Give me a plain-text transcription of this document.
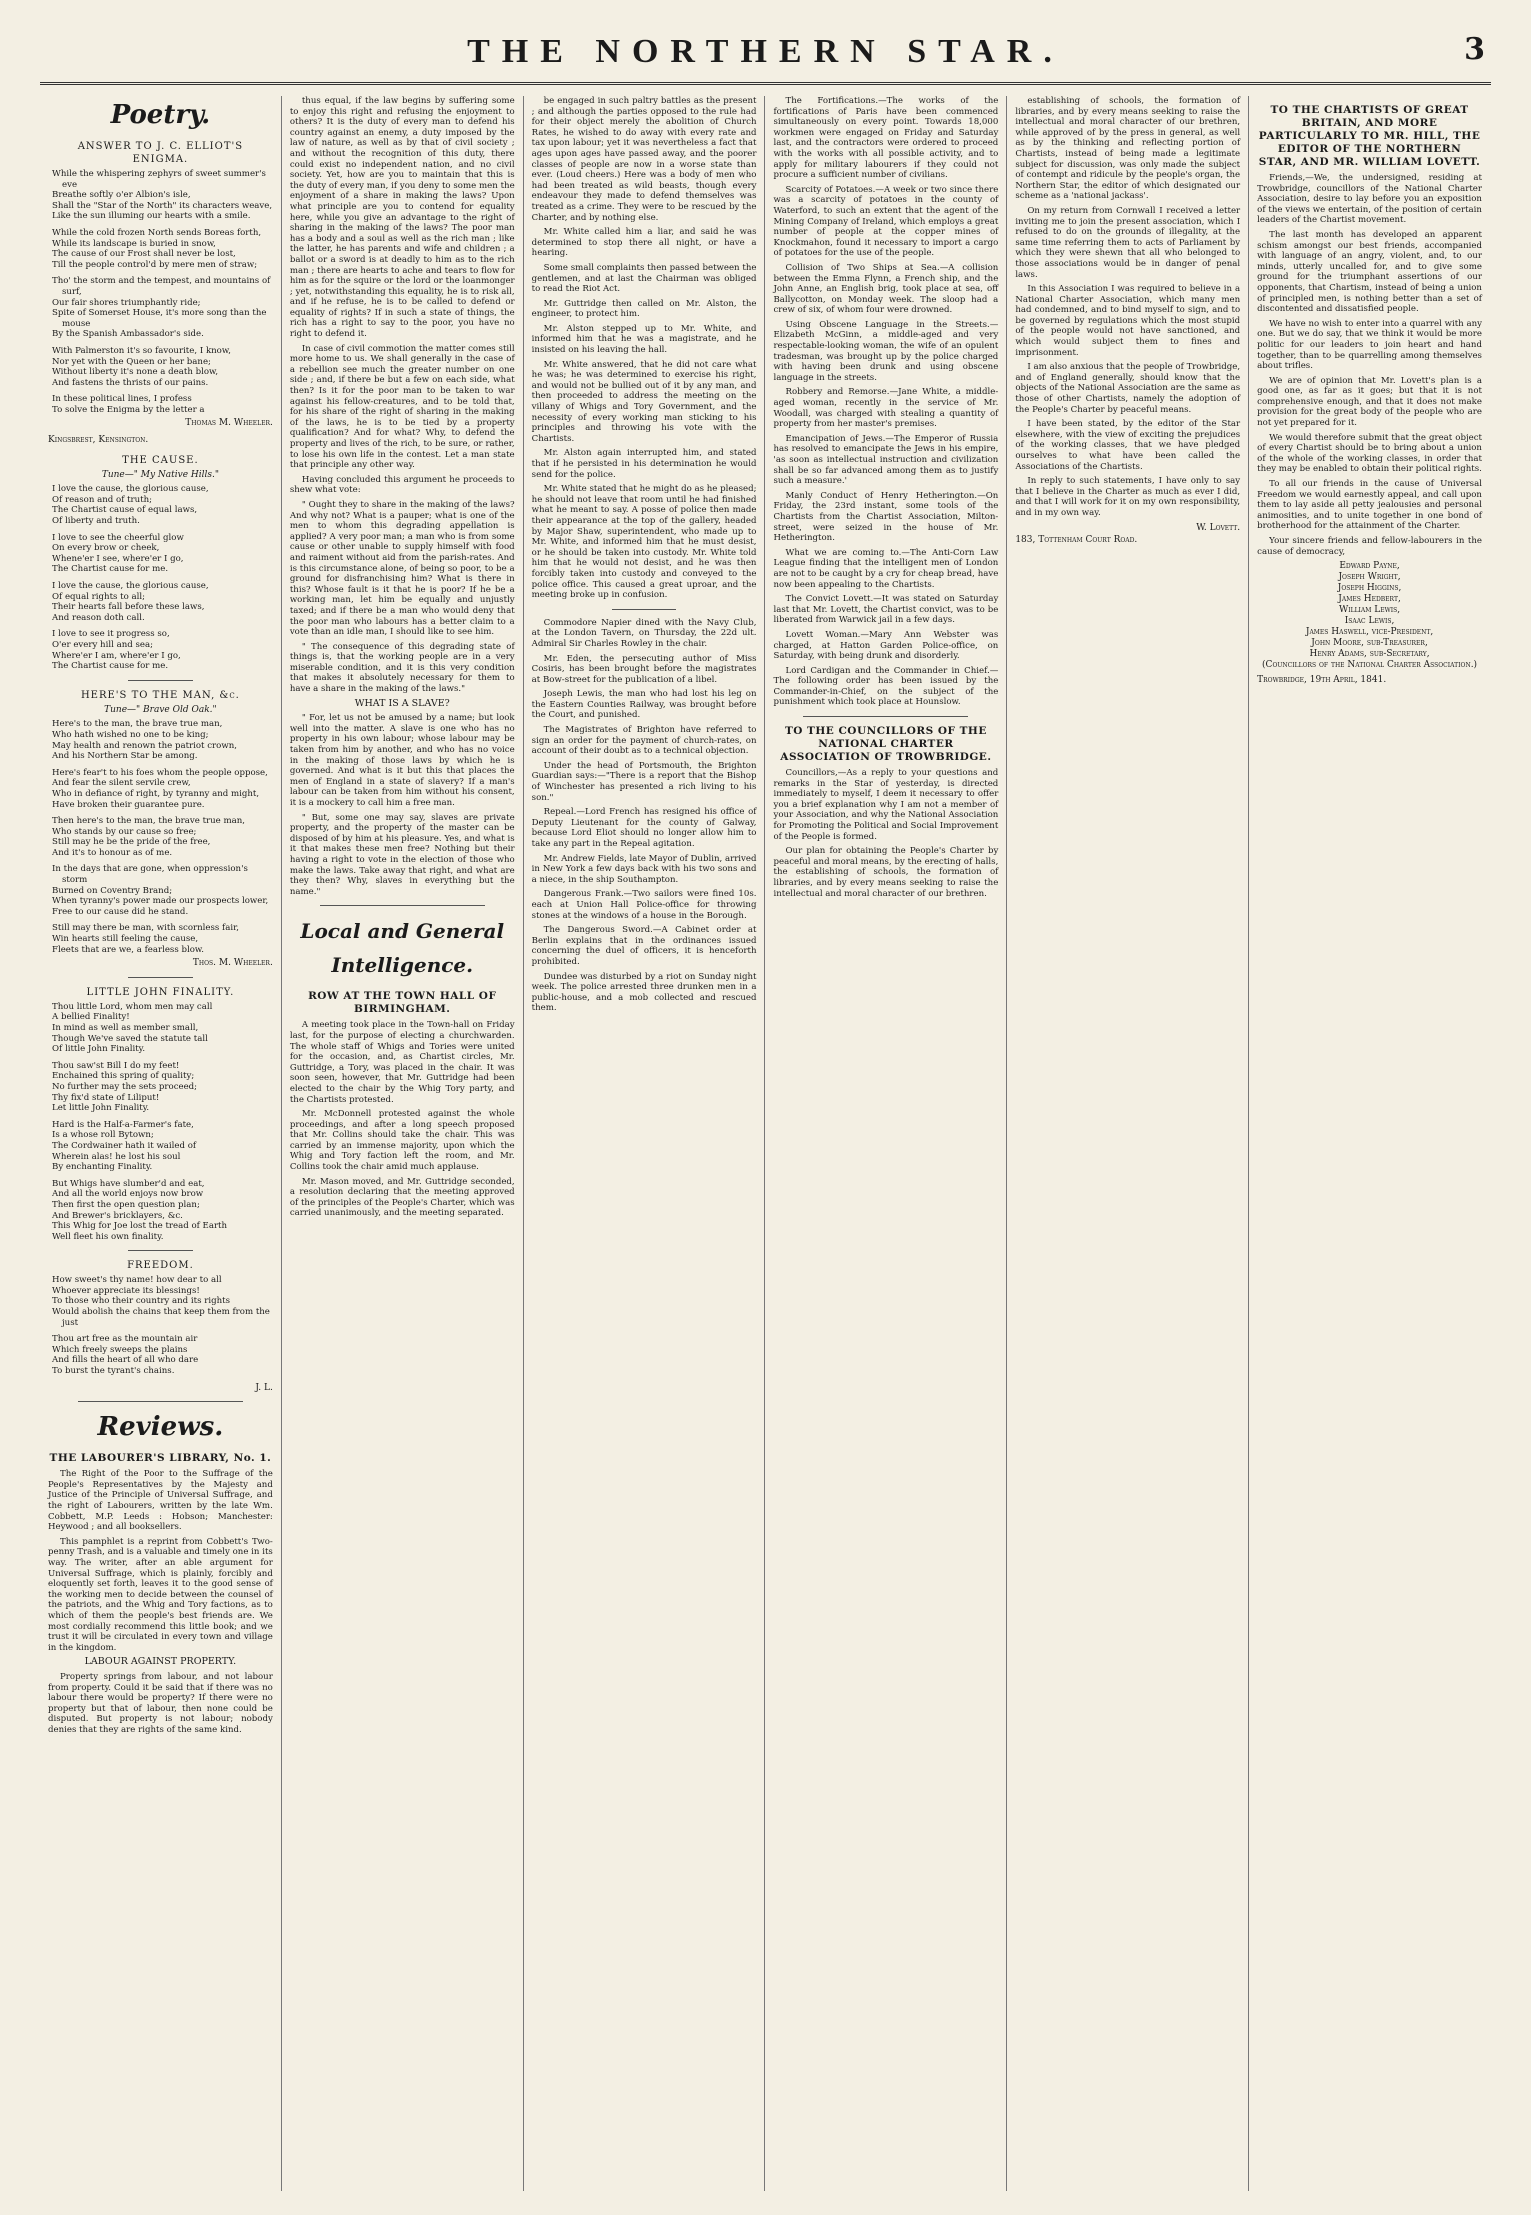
THE NORTHERN STAR.	3
Poetry.
ANSWER TO J. C. ELLIOT'S ENIGMA.

While the whispering zephyrs of sweet summer's eve

Breathe softly o'er Albion's isle,

Shall the "Star of the North" its characters weave,

Like the sun illuming our hearts with a smile.

While the cold frozen North sends Boreas forth,

While its landscape is buried in snow,

The cause of our Frost shall never be lost,

Till the people control'd by mere men of straw;

Tho' the storm and the tempest, and mountains of surf,

Our fair shores triumphantly ride;

Spite of Somerset House, it's more song than the mouse

By the Spanish Ambassador's side.

With Palmerston it's so favourite, I know,

Nor yet with the Queen or her bane;

Without liberty it's none a death blow,

And fastens the thrists of our pains.

In these political lines, I profess

To solve the Enigma by the letter a

Thomas M. Wheeler.
Kingsbrest, Kensington.
THE CAUSE.
Tune—" My Native Hills."

I love the cause, the glorious cause,

Of reason and of truth;

The Chartist cause of equal laws,

Of liberty and truth.

I love to see the cheerful glow

On every brow or cheek,

Whene'er I see, where'er I go,

The Chartist cause for me.

I love the cause, the glorious cause,

Of equal rights to all;

Their hearts fall before these laws,

And reason doth call.

I love to see it progress so,

O'er every hill and sea;

Where'er I am, where'er I go,

The Chartist cause for me.

HERE'S TO THE MAN, &c.
Tune—" Brave Old Oak."

Here's to the man, the brave true man,

Who hath wished no one to be king;

May health and renown the patriot crown,

And his Northern Star be among.

Here's fear't to his foes whom the people oppose,

And fear the silent servile crew,

Who in defiance of right, by tyranny and might,

Have broken their guarantee pure.

Then here's to the man, the brave true man,

Who stands by our cause so free;

Still may he be the pride of the free,

And it's to honour as of me.

In the days that are gone, when oppression's storm

Burned on Coventry Brand;

When tyranny's power made our prospects lower,

Free to our cause did he stand.

Still may there be man, with scornless fair,

Win hearts still feeling the cause,

Fleets that are we, a fearless blow.

Thos. M. Wheeler.
LITTLE JOHN FINALITY.

Thou little Lord, whom men may call

A bellied Finality!

In mind as well as member small,

Though We've saved the statute tall

Of little John Finality.

Thou saw'st Bill I do my feet!

Enchained this spring of quality;

No further may the sets proceed;

Thy fix'd state of Liliput!

Let little John Finality.

Hard is the Half-a-Farmer's fate,

Is a whose roll Bytown;

The Cordwainer hath it wailed of

Wherein alas! he lost his soul

By enchanting Finality.

But Whigs have slumber'd and eat,

And all the world enjoys now brow

Then first the open question plan;

And Brewer's bricklayers, &c.

This Whig for Joe lost the tread of Earth

Well fleet his own finality.

FREEDOM.

How sweet's thy name! how dear to all

Whoever appreciate its blessings!

To those who their country and its rights

Would abolish the chains that keep them from the just

Thou art free as the mountain air

Which freely sweeps the plains

And fills the heart of all who dare

To burst the tyrant's chains.

J. L.
Reviews.
THE LABOURER'S LIBRARY, No. 1.

The Right of the Poor to the Suffrage of the People's Representatives by the Majesty and Justice of the Principle of Universal Suffrage, and the right of Labourers, written by the late Wm. Cobbett, M.P. Leeds : Hobson; Manchester: Heywood ; and all booksellers.

This pamphlet is a reprint from Cobbett's Two-penny Trash, and is a valuable and timely one in its way. The writer, after an able argument for Universal Suffrage, which is plainly, forcibly and eloquently set forth, leaves it to the good sense of the working men to decide between the counsel of the patriots, and the Whig and Tory factions, as to which of them the people's best friends are. We most cordially recommend this little book; and we trust it will be circulated in every town and village in the kingdom.

LABOUR AGAINST PROPERTY.

Property springs from labour, and not labour from property. Could it be said that if there was no labour there would be property? If there were no property but that of labour, then none could be disputed. But property is not labour; nobody denies that they are rights of the same kind.

thus equal, if the law begins by suffering some to enjoy this right and refusing the enjoyment to others? It is the duty of every man to defend his country against an enemy, a duty imposed by the law of nature, as well as by that of civil society ; and without the recognition of this duty, there could exist no independent nation, and no civil society. Yet, how are you to maintain that this is the duty of every man, if you deny to some men the enjoyment of a share in making the laws? Upon what principle are you to contend for equality here, while you give an advantage to the right of sharing in the making of the laws? The poor man has a body and a soul as well as the rich man ; like the latter, he has parents and wife and children ; a ballot or a sword is at deadly to him as to the rich man ; there are hearts to ache and tears to flow for him as for the squire or the lord or the loanmonger ; yet, notwithstanding this equality, he is to risk all, and if he refuse, he is to be called to defend or equality of rights? If in such a state of things, the rich has a right to say to the poor, you have no right to defend it.

In case of civil commotion the matter comes still more home to us. We shall generally in the case of a rebellion see much the greater number on one side ; and, if there be but a few on each side, what then? Is it for the poor man to be taken to war against his fellow-creatures, and to be told that, for his share of the right of sharing in the making of the laws, he is to be tied by a property qualification? And for what? Why, to defend the property and lives of the rich, to be sure, or rather, to lose his own life in the contest. Let a man state that principle any other way.

Having concluded this argument he proceeds to shew what vote:

" Ought they to share in the making of the laws? And why not? What is a pauper; what is one of the men to whom this degrading appellation is applied? A very poor man; a man who is from some cause or other unable to supply himself with food and raiment without aid from the parish-rates. And is this circumstance alone, of being so poor, to be a ground for disfranchising him? What is there in this? Whose fault is it that he is poor? If he be a working man, let him be equally and unjustly taxed; and if there be a man who would deny that the poor man who labours has a better claim to a vote than an idle man, I should like to see him.

" The consequence of this degrading state of things is, that the working people are in a very miserable condition, and it is this very condition that makes it absolutely necessary for them to have a share in the making of the laws."

WHAT IS A SLAVE?

" For, let us not be amused by a name; but look well into the matter. A slave is one who has no property in his own labour; whose labour may be taken from him by another, and who has no voice in the making of those laws by which he is governed. And what is it but this that places the men of England in a state of slavery? If a man's labour can be taken from him without his consent, it is a mockery to call him a free man.

" But, some one may say, slaves are private property, and the property of the master can be disposed of by him at his pleasure. Yes, and what is it that makes these men free? Nothing but their having a right to vote in the election of those who make the laws. Take away that right, and what are they then? Why, slaves in everything but the name."

Local and General Intelligence.
ROW AT THE TOWN HALL OF BIRMINGHAM.

A meeting took place in the Town-hall on Friday last, for the purpose of electing a churchwarden. The whole staff of Whigs and Tories were united for the occasion, and, as Chartist circles, Mr. Guttridge, a Tory, was placed in the chair. It was soon seen, however, that Mr. Guttridge had been elected to the chair by the Whig Tory party, and the Chartists protested.

Mr. McDonnell protested against the whole proceedings, and after a long speech proposed that Mr. Collins should take the chair. This was carried by an immense majority, upon which the Whig and Tory faction left the room, and Mr. Collins took the chair amid much applause.

Mr. Mason moved, and Mr. Guttridge seconded, a resolution declaring that the meeting approved of the principles of the People's Charter, which was carried unanimously, and the meeting separated.

be engaged in such paltry battles as the present ; and although the parties opposed to the rule had for their object merely the abolition of Church Rates, he wished to do away with every rate and tax upon labour; yet it was nevertheless a fact that ages upon ages have passed away, and the poorer classes of people are now in a worse state than ever. (Loud cheers.) Here was a body of men who had been treated as wild beasts, though every endeavour they made to defend themselves was treated as a crime. They were to be rescued by the Charter, and by nothing else.

Mr. White called him a liar, and said he was determined to stop there all night, or have a hearing.

Some small complaints then passed between the gentlemen, and at last the Chairman was obliged to read the Riot Act.

Mr. Guttridge then called on Mr. Alston, the engineer, to protect him.

Mr. Alston stepped up to Mr. White, and informed him that he was a magistrate, and he insisted on his leaving the hall.

Mr. White answered, that he did not care what he was; he was determined to exercise his right, and would not be bullied out of it by any man, and then proceeded to address the meeting on the villany of Whigs and Tory Government, and the necessity of every working man sticking to his principles and throwing his vote with the Chartists.

Mr. Alston again interrupted him, and stated that if he persisted in his determination he would send for the police.

Mr. White stated that he might do as he pleased; he should not leave that room until he had finished what he meant to say. A posse of police then made their appearance at the top of the gallery, headed by Major Shaw, superintendent, who made up to Mr. White, and informed him that he must desist, or he should be taken into custody. Mr. White told him that he would not desist, and he was then forcibly taken into custody and conveyed to the police office. This caused a great uproar, and the meeting broke up in confusion.

Commodore Napier dined with the Navy Club, at the London Tavern, on Thursday, the 22d ult. Admiral Sir Charles Rowley in the chair.

Mr. Eden, the persecuting author of Miss Cosiris, has been brought before the magistrates at Bow-street for the publication of a libel.

Joseph Lewis, the man who had lost his leg on the Eastern Counties Railway, was brought before the Court, and punished.

The Magistrates of Brighton have referred to sign an order for the payment of church-rates, on account of their doubt as to a technical objection.

Under the head of Portsmouth, the Brighton Guardian says:—"There is a report that the Bishop of Winchester has presented a rich living to his son."

Repeal.—Lord French has resigned his office of Deputy Lieutenant for the county of Galway, because Lord Eliot should no longer allow him to take any part in the Repeal agitation.

Mr. Andrew Fields, late Mayor of Dublin, arrived in New York a few days back with his two sons and a niece, in the ship Southampton.

Dangerous Frank.—Two sailors were fined 10s. each at Union Hall Police-office for throwing stones at the windows of a house in the Borough.

The Dangerous Sword.—A Cabinet order at Berlin explains that in the ordinances issued concerning the duel of officers, it is henceforth prohibited.

Dundee was disturbed by a riot on Sunday night week. The police arrested three drunken men in a public-house, and a mob collected and rescued them.

The Fortifications.—The works of the fortifications of Paris have been commenced simultaneously on every point. Towards 18,000 workmen were engaged on Friday and Saturday last, and the contractors were ordered to proceed with the works with all possible activity, and to apply for military labourers if they could not procure a sufficient number of civilians.

Scarcity of Potatoes.—A week or two since there was a scarcity of potatoes in the county of Waterford, to such an extent that the agent of the Mining Company of Ireland, which employs a great number of people at the copper mines of Knockmahon, found it necessary to import a cargo of potatoes for the use of the people.

Collision of Two Ships at Sea.—A collision between the Emma Flynn, a French ship, and the John Anne, an English brig, took place at sea, off Ballycotton, on Monday week. The sloop had a crew of six, of whom four were drowned.

Using Obscene Language in the Streets.—Elizabeth McGinn, a middle-aged and very respectable-looking woman, the wife of an opulent tradesman, was brought up by the police charged with having been drunk and using obscene language in the streets.

Robbery and Remorse.—Jane White, a middle-aged woman, recently in the service of Mr. Woodall, was charged with stealing a quantity of property from her master's premises.

Emancipation of Jews.—The Emperor of Russia has resolved to emancipate the Jews in his empire, 'as soon as intellectual instruction and civilization shall be so far advanced among them as to justify such a measure.'

Manly Conduct of Henry Hetherington.—On Friday, the 23rd instant, some tools of the Chartists from the Chartist Association, Milton-street, were seized in the house of Mr. Hetherington.

What we are coming to.—The Anti-Corn Law League finding that the intelligent men of London are not to be caught by a cry for cheap bread, have now been appealing to the Chartists.

The Convict Lovett.—It was stated on Saturday last that Mr. Lovett, the Chartist convict, was to be liberated from Warwick jail in a few days.

Lovett Woman.—Mary Ann Webster was charged, at Hatton Garden Police-office, on Saturday, with being drunk and disorderly.

Lord Cardigan and the Commander in Chief.—The following order has been issued by the Commander-in-Chief, on the subject of the punishment which took place at Hounslow.

TO THE COUNCILLORS OF THE NATIONAL CHARTER ASSOCIATION OF TROWBRIDGE.

Councillors,—As a reply to your questions and remarks in the Star of yesterday, is directed immediately to myself, I deem it necessary to offer you a brief explanation why I am not a member of your Association, and why the National Association for Promoting the Political and Social Improvement of the People is formed.

Our plan for obtaining the People's Charter by peaceful and moral means, by the erecting of halls, the establishing of schools, the formation of libraries, and by every means seeking to raise the intellectual and moral character of our brethren.

establishing of schools, the formation of libraries, and by every means seeking to raise the intellectual and moral character of our brethren, while approved of by the press in general, as well as by the thinking and reflecting portion of Chartists, instead of being made a legitimate subject for discussion, was only made the subject of contempt and ridicule by the people's organ, the Northern Star, the editor of which designated our scheme as a 'national jackass'.

On my return from Cornwall I received a letter inviting me to join the present association, which I refused to do on the grounds of illegality, at the same time referring them to acts of Parliament by which they were shewn that all who belonged to those associations would be in danger of penal laws.

In this Association I was required to believe in a National Charter Association, which many men had condemned, and to bind myself to sign, and to be governed by regulations which the most stupid of the people would not have sanctioned, and which would subject them to fines and imprisonment.

I am also anxious that the people of Trowbridge, and of England generally, should know that the objects of the National Association are the same as those of other Chartists, namely the adoption of the People's Charter by peaceful means.

I have been stated, by the editor of the Star elsewhere, with the view of exciting the prejudices of the working classes, that we have pledged ourselves to what have been called the Associations of the Chartists.

In reply to such statements, I have only to say that I believe in the Charter as much as ever I did, and that I will work for it on my own responsibility, and in my own way.

W. Lovett.
183, Tottenham Court Road.
TO THE CHARTISTS OF GREAT BRITAIN, AND MORE PARTICULARLY TO MR. HILL, THE EDITOR OF THE NORTHERN STAR, AND MR. WILLIAM LOVETT.

Friends,—We, the undersigned, residing at Trowbridge, councillors of the National Charter Association, desire to lay before you an exposition of the views we entertain, of the position of certain leaders of the Chartist movement.

The last month has developed an apparent schism amongst our best friends, accompanied with language of an angry, violent, and, to our minds, utterly uncalled for, and to give some ground for the triumphant assertions of our opponents, that Chartism, instead of being a union of principled men, is nothing better than a set of discontented and dissatisfied people.

We have no wish to enter into a quarrel with any one. But we do say, that we think it would be more politic for our leaders to join heart and hand together, than to be quarrelling among themselves about trifles.

We are of opinion that Mr. Lovett's plan is a good one, as far as it goes; but that it is not comprehensive enough, and that it does not make provision for the great body of the people who are not yet prepared for it.

We would therefore submit that the great object of every Chartist should be to bring about a union of the whole of the working classes, in order that they may be enabled to obtain their political rights.

To all our friends in the cause of Universal Freedom we would earnestly appeal, and call upon them to lay aside all petty jealousies and personal animosities, and to unite together in one bond of brotherhood for the attainment of the Charter.

Your sincere friends and fellow-labourers in the cause of democracy,

Edward Payne,

Joseph Wright,

Joseph Higgins,

James Hedbert,

William Lewis,

Isaac Lewis,

James Haswell, vice-President,

John Moore, sub-Treasurer,

Henry Adams, sub-Secretary,

(Councillors of the National Charter Association.)

Trowbridge, 19th April, 1841.
